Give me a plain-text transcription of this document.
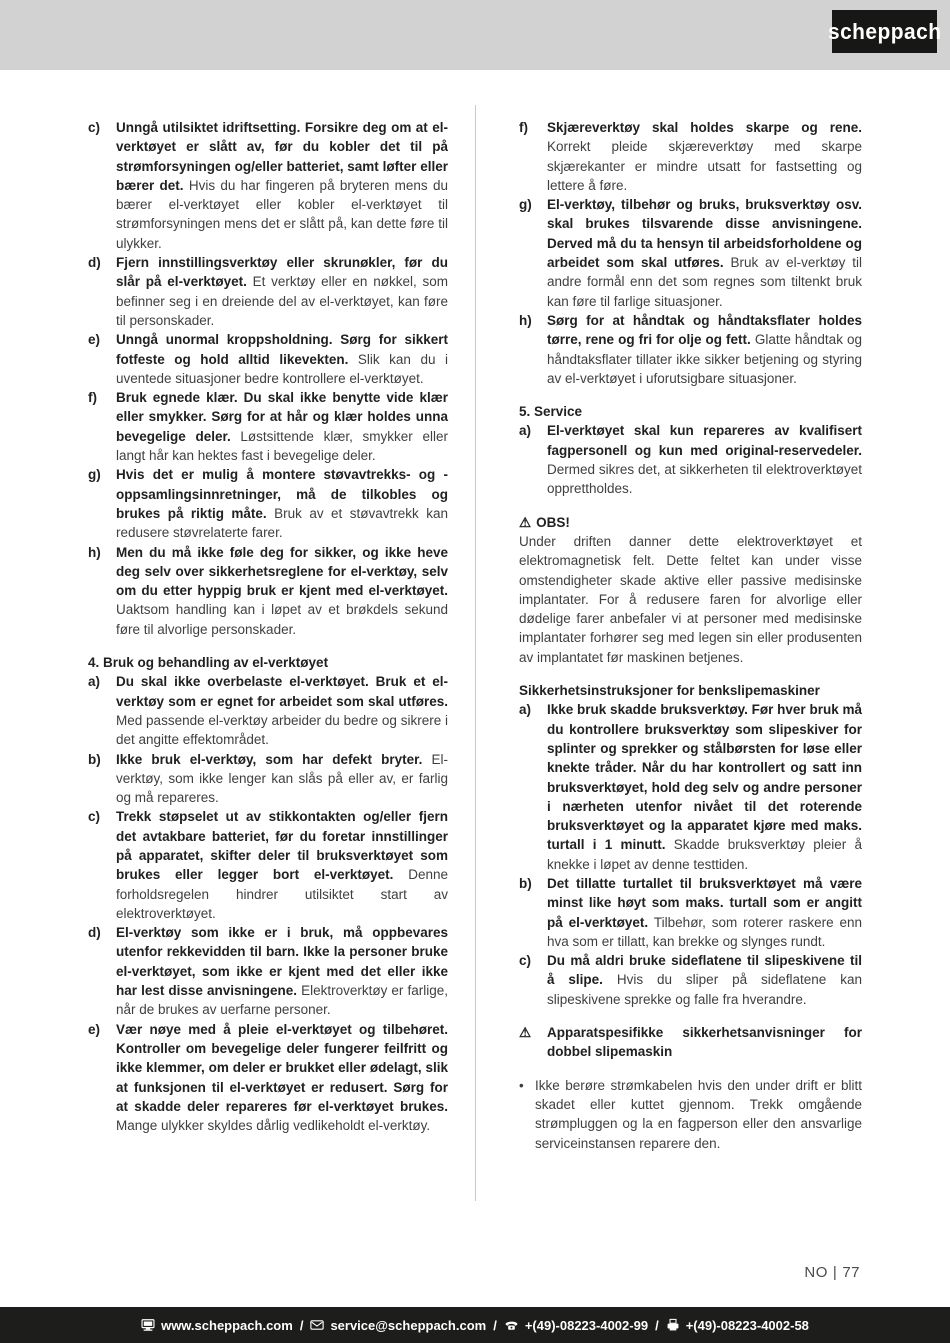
scheppach
c)	Unngå utilsiktet idriftsetting. Forsikre deg om at el-verktøyet er slått av, før du kobler det til på strømforsyningen og/eller batteriet, samt løfter eller bærer det. Hvis du har fingeren på bryteren mens du bærer el-verktøyet eller kobler el-verktøyet til strømforsyningen mens det er slått på, kan dette føre til ulykker.
d)	Fjern innstillingsverktøy eller skrunøkler, før du slår på el-verktøyet. Et verktøy eller en nøkkel, som befinner seg i en dreiende del av el-verktøyet, kan føre til personskader.
e)	Unngå unormal kroppsholdning. Sørg for sikkert fotfeste og hold alltid likevekten. Slik kan du i uventede situasjoner bedre kontrollere el-verktøyet.
f)	Bruk egnede klær. Du skal ikke benytte vide klær eller smykker. Sørg for at hår og klær holdes unna bevegelige deler. Løstsittende klær, smykker eller langt hår kan hektes fast i bevegelige deler.
g)	Hvis det er mulig å montere støvavtrekks- og -oppsamlingsinnretninger, må de tilkobles og brukes på riktig måte. Bruk av et støvavtrekk kan redusere støvrelaterte farer.
h)	Men du må ikke føle deg for sikker, og ikke heve deg selv over sikkerhetsreglene for el-verktøy, selv om du etter hyppig bruk er kjent med el-verktøyet. Uaktsom handling kan i løpet av et brøkdels sekund føre til alvorlige personskader.
4. Bruk og behandling av el-verktøyet
a)	Du skal ikke overbelaste el-verktøyet. Bruk et el-verktøy som er egnet for arbeidet som skal utføres. Med passende el-verktøy arbeider du bedre og sikrere i det angitte effektområdet.
b)	Ikke bruk el-verktøy, som har defekt bryter. El-verktøy, som ikke lenger kan slås på eller av, er farlig og må repareres.
c)	Trekk støpselet ut av stikkontakten og/eller fjern det avtakbare batteriet, før du foretar innstillinger på apparatet, skifter deler til bruksverktøyet som brukes eller legger bort el-verktøyet. Denne forholdsregelen hindrer utilsiktet start av elektroverktøyet.
d)	El-verktøy som ikke er i bruk, må oppbevares utenfor rekkevidden til barn. Ikke la personer bruke el-verktøyet, som ikke er kjent med det eller ikke har lest disse anvisningene. Elektroverktøy er farlige, når de brukes av uerfarne personer.
e)	Vær nøye med å pleie el-verktøyet og tilbehøret. Kontroller om bevegelige deler fungerer feilfritt og ikke klemmer, om deler er brukket eller ødelagt, slik at funksjonen til el-verktøyet er redusert. Sørg for at skadde deler repareres før el-verktøyet brukes. Mange ulykker skyldes dårlig vedlikeholdt el-verktøy.
f)	Skjæreverktøy skal holdes skarpe og rene. Korrekt pleide skjæreverktøy med skarpe skjærekanter er mindre utsatt for fastsetting og lettere å føre.
g)	El-verktøy, tilbehør og bruks, bruksverktøy osv. skal brukes tilsvarende disse anvisningene. Derved må du ta hensyn til arbeidsforholdene og arbeidet som skal utføres. Bruk av el-verktøy til andre formål enn det som regnes som tiltenkt bruk kan føre til farlige situasjoner.
h)	Sørg for at håndtak og håndtaksflater holdes tørre, rene og fri for olje og fett. Glatte håndtak og håndtaksflater tillater ikke sikker betjening og styring av el-verktøyet i uforutsigbare situasjoner.
5. Service
a)	El-verktøyet skal kun repareres av kvalifisert fagpersonell og kun med original-reservedeler. Dermed sikres det, at sikkerheten til elektroverktøyet opprettholdes.
⚠ OBS!
Under driften danner dette elektroverktøyet et elektromagnetisk felt. Dette feltet kan under visse omstendigheter skade aktive eller passive medisinske implantater. For å redusere faren for alvorlige eller dødelige farer anbefaler vi at personer med medisinske implantater forhører seg med legen sin eller produsenten av implantatet før maskinen betjenes.
Sikkerhetsinstruksjoner for benkslipemaskiner
a)	Ikke bruk skadde bruksverktøy. Før hver bruk må du kontrollere bruksverktøy som slipeskiver for splinter og sprekker og stålbørsten for løse eller knekte tråder. Når du har kontrollert og satt inn bruksverktøyet, hold deg selv og andre personer i nærheten utenfor nivået til det roterende bruksverktøyet og la apparatet kjøre med maks. turtall i 1 minutt. Skadde bruksverktøy pleier å knekke i løpet av denne testtiden.
b)	Det tillatte turtallet til bruksverktøyet må være minst like høyt som maks. turtall som er angitt på el-verktøyet. Tilbehør, som roterer raskere enn hva som er tillatt, kan brekke og slynges rundt.
c)	Du må aldri bruke sideflatene til slipeskivene til å slipe. Hvis du sliper på sideflatene kan slipeskivene sprekke og falle fra hverandre.
⚠	Apparatspesifikke sikkerhetsanvisninger for dobbel slipemaskin
• Ikke berøre strømkabelen hvis den under drift er blitt skadet eller kuttet gjennom. Trekk omgående strømpluggen og la en fagperson eller den ansvarlige serviceinstansen reparere den.
NO | 77
www.scheppach.com / service@scheppach.com / +(49)-08223-4002-99 / +(49)-08223-4002-58
